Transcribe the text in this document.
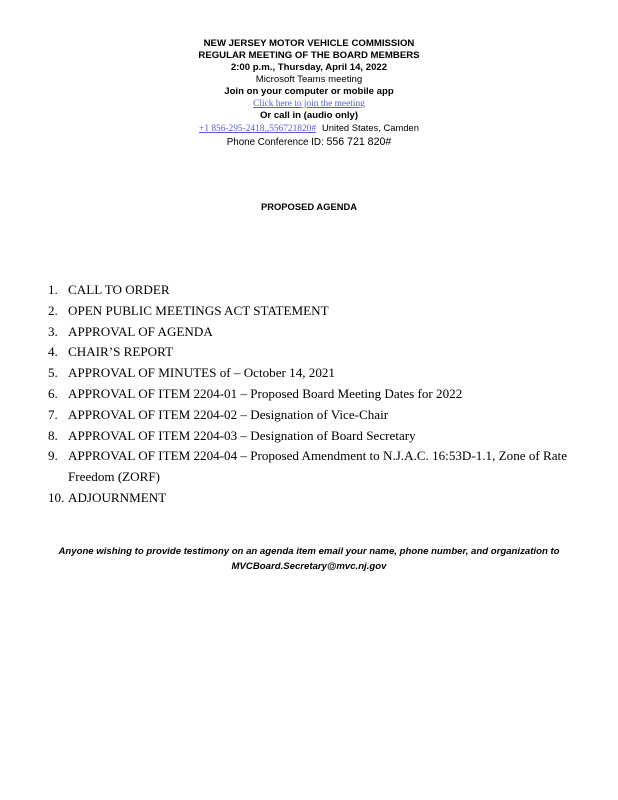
NEW JERSEY MOTOR VEHICLE COMMISSION
REGULAR MEETING OF THE BOARD MEMBERS
2:00 p.m., Thursday, April 14, 2022
Microsoft Teams meeting
Join on your computer or mobile app
Click here to join the meeting
Or call in (audio only)
+1 856-295-2418,,556721820# United States, Camden
Phone Conference ID: 556 721 820#
PROPOSED AGENDA
1. CALL TO ORDER
2. OPEN PUBLIC MEETINGS ACT STATEMENT
3. APPROVAL OF AGENDA
4. CHAIR’S REPORT
5. APPROVAL OF MINUTES of – October 14, 2021
6. APPROVAL OF ITEM 2204-01 – Proposed Board Meeting Dates for 2022
7. APPROVAL OF ITEM 2204-02 – Designation of Vice-Chair
8. APPROVAL OF ITEM 2204-03 – Designation of Board Secretary
9. APPROVAL OF ITEM 2204-04 – Proposed Amendment to N.J.A.C. 16:53D-1.1, Zone of Rate Freedom (ZORF)
10. ADJOURNMENT
Anyone wishing to provide testimony on an agenda item email your name, phone number, and organization to
MVCBoard.Secretary@mvc.nj.gov
